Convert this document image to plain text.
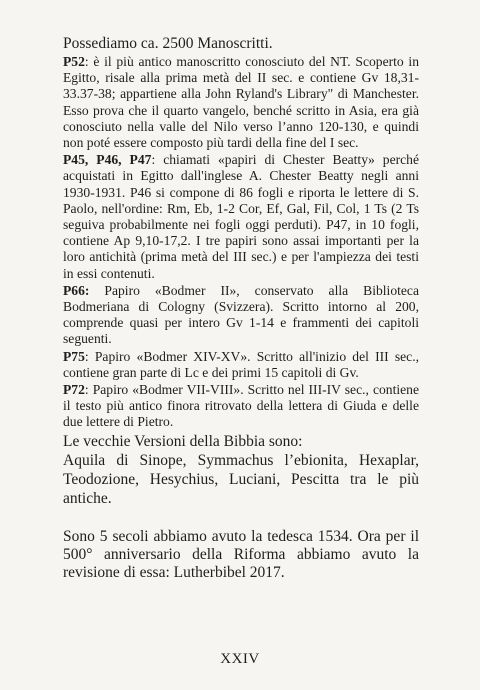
Possediamo ca. 2500 Manoscritti.

P52: è il più antico manoscritto conosciuto del NT. Scoperto in Egitto, risale alla prima metà del II sec. e contiene Gv 18,31-33.37-38; appartiene alla John Ryland's Library" di Manchester. Esso prova che il quarto vangelo, benché scritto in Asia, era già conosciuto nella valle del Nilo verso l’anno 120-130, e quindi non poté essere composto più tardi della fine del I sec.

P45, P46, P47: chiamati «papiri di Chester Beatty» perché acquistati in Egitto dall'inglese A. Chester Beatty negli anni 1930-1931. P46 si compone di 86 fogli e riporta le lettere di S. Paolo, nell'ordine: Rm, Eb, 1-2 Cor, Ef, Gal, Fil, Col, 1 Ts (2 Ts seguiva probabilmente nei fogli oggi perduti). P47, in 10 fogli, contiene Ap 9,10-17,2. I tre papiri sono assai importanti per la loro antichità (prima metà del III sec.) e per l'ampiezza dei testi in essi contenuti.

P66: Papiro «Bodmer II», conservato alla Biblioteca Bodmeriana di Cologny (Svizzera). Scritto intorno al 200, comprende quasi per intero Gv 1-14 e frammenti dei capitoli seguenti.

P75: Papiro «Bodmer XIV-XV». Scritto all'inizio del III sec., contiene gran parte di Lc e dei primi 15 capitoli di Gv.

P72: Papiro «Bodmer VII-VIII». Scritto nel III-IV sec., contiene il testo più antico finora ritrovato della lettera di Giuda e delle due lettere di Pietro.

Le vecchie Versioni della Bibbia sono:

Aquila di Sinope, Symmachus l’ebionita, Hexaplar, Teodozione, Hesychius, Luciani, Pescitta tra le più antiche.

Sono 5 secoli abbiamo avuto la tedesca 1534. Ora per il 500° anniversario della Riforma abbiamo avuto la revisione di essa: Lutherbibel 2017.

XXIV
